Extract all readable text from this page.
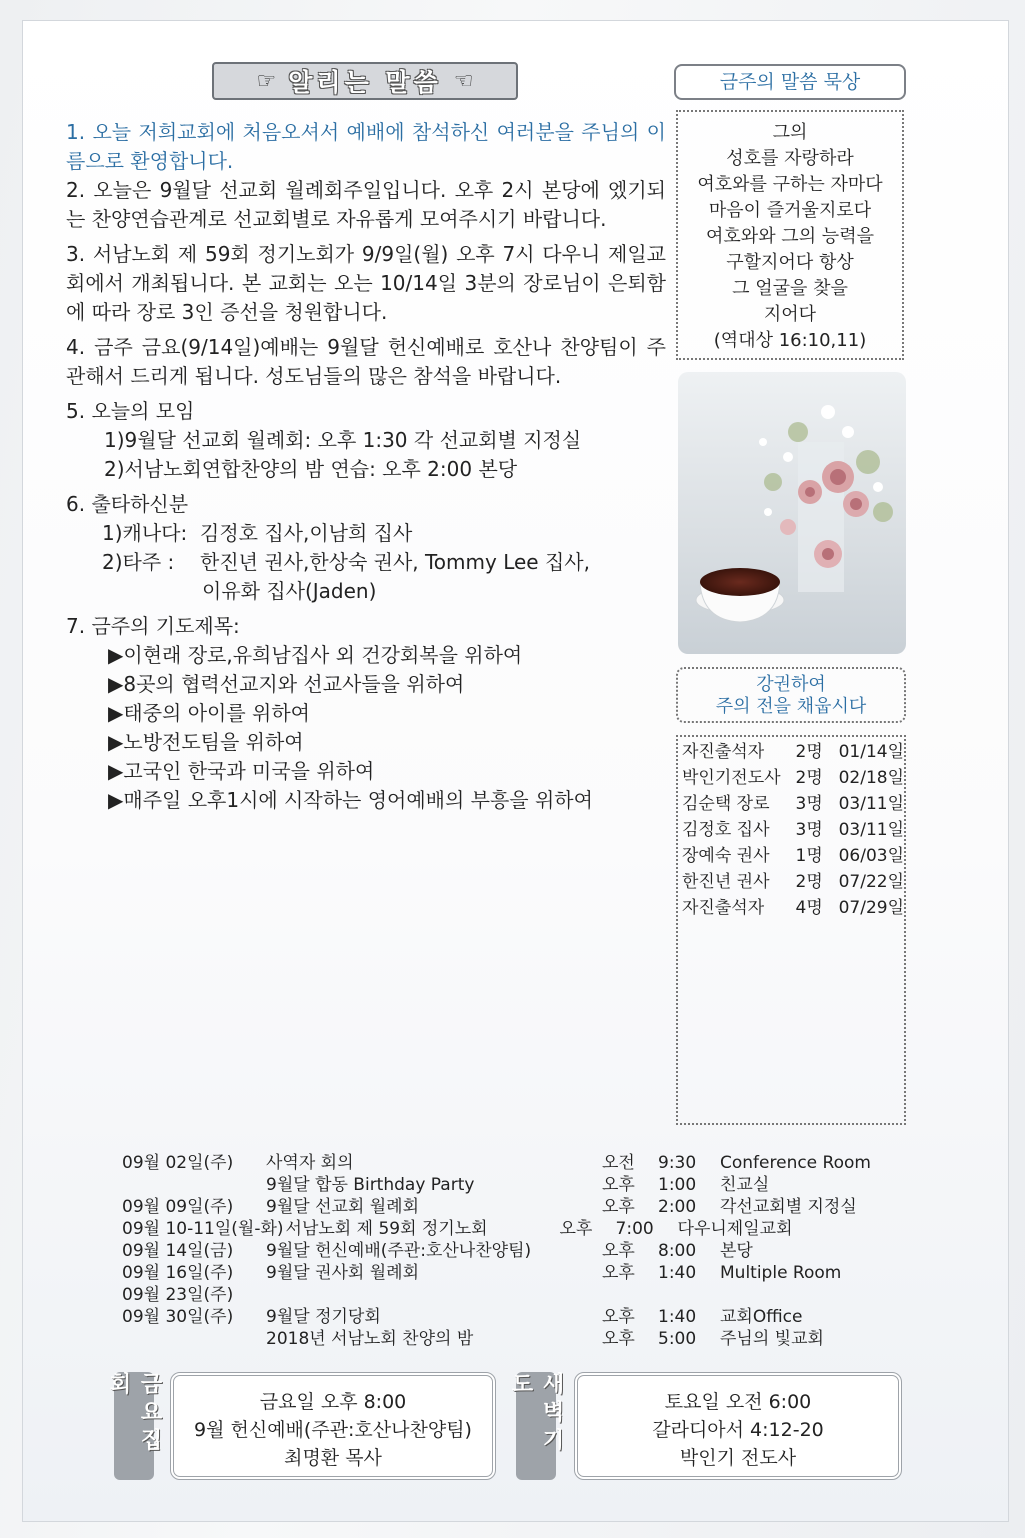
☞ 알리는 말씀 ☜

1. 오늘 저희교회에 처음오셔서 예배에 참석하신 여러분을 주님의 이름으로 환영합니다.

2. 오늘은 9월달 선교회 월례회주일입니다. 오후 2시 본당에 엤기되는 찬양연습관계로 선교회별로 자유롭게 모여주시기 바랍니다.

3. 서남노회 제 59회 정기노회가 9/9일(월) 오후 7시 다우니 제일교회에서 개최됩니다. 본 교회는 오는 10/14일 3분의 장로님이 은퇴함에 따라 장로 3인 증선을 청원합니다.

4. 금주 금요(9/14일)예배는 9월달 헌신예배로 호산나 찬양팀이 주관해서 드리게 됩니다. 성도님들의 많은 참석을 바랍니다.

5. 오늘의 모임

1)9월달 선교회 월례회: 오후 1:30 각 선교회별 지정실

2)서남노회연합찬양의 밤 연습: 오후 2:00 본당

6. 출타하신분

1)캐나다: 김정호 집사,이남희 집사
2)타주 :	한진년 권사,한상숙 권사, Tommy Lee 집사,

이유화 집사(Jaden)

7. 금주의 기도제목:

▶이현래 장로,유희남집사 외 건강회복을 위하여

▶8곳의 협력선교지와 선교사들을 위하여

▶태중의 아이를 위하여

▶노방전도팀을 위하여

▶고국인 한국과 미국을 위하여

▶매주일 오후1시에 시작하는 영어예배의 부흥을 위하여

금주의 말씀 묵상
그의
성호를 자랑하라
여호와를 구하는 자마다
마음이 즐거울지로다
여호와와 그의 능력을
구할지어다 항상
그 얼굴을 찾을
지어다
(역대상 16:10,11)
강권하여
주의 전을 채웁시다
자진출석자	2명 01/14일
박인기전도사 2명 02/18일
김순택 장로	3명 03/11일
김정호 집사	3명 03/11일
장예숙 권사	1명 06/03일
한진년 권사	2명 07/22일
자진출석자	4명 07/29일
09월 02일(주)	사역자 회의	오전	9:30	Conference Room
9월달 합동 Birthday Party	오후	1:00	친교실
09월 09일(주)	9월달 선교회 월례회	오후	2:00	각선교회별 지정실
09월 10-11일(월-화) 서남노회 제 59회 정기노회	오후	7:00	다우니제일교회
09월 14일(금)	9월달 헌신예배(주관:호산나찬양팀)	오후	8:00	본당
09월 16일(주)	9월달 권사회 월례회	오후	1:40	Multiple Room
09월 23일(주)
09월 30일(주)	9월달 정기당회	오후	1:40	교회Office
2018년 서남노회 찬양의 밤	오후	5:00	주님의 빛교회
금요집회
금요일 오후 8:00
9월 헌신예배(주관:호산나찬양팀)
최명환 목사
새벽기도
토요일 오전 6:00
갈라디아서 4:12-20
박인기 전도사
